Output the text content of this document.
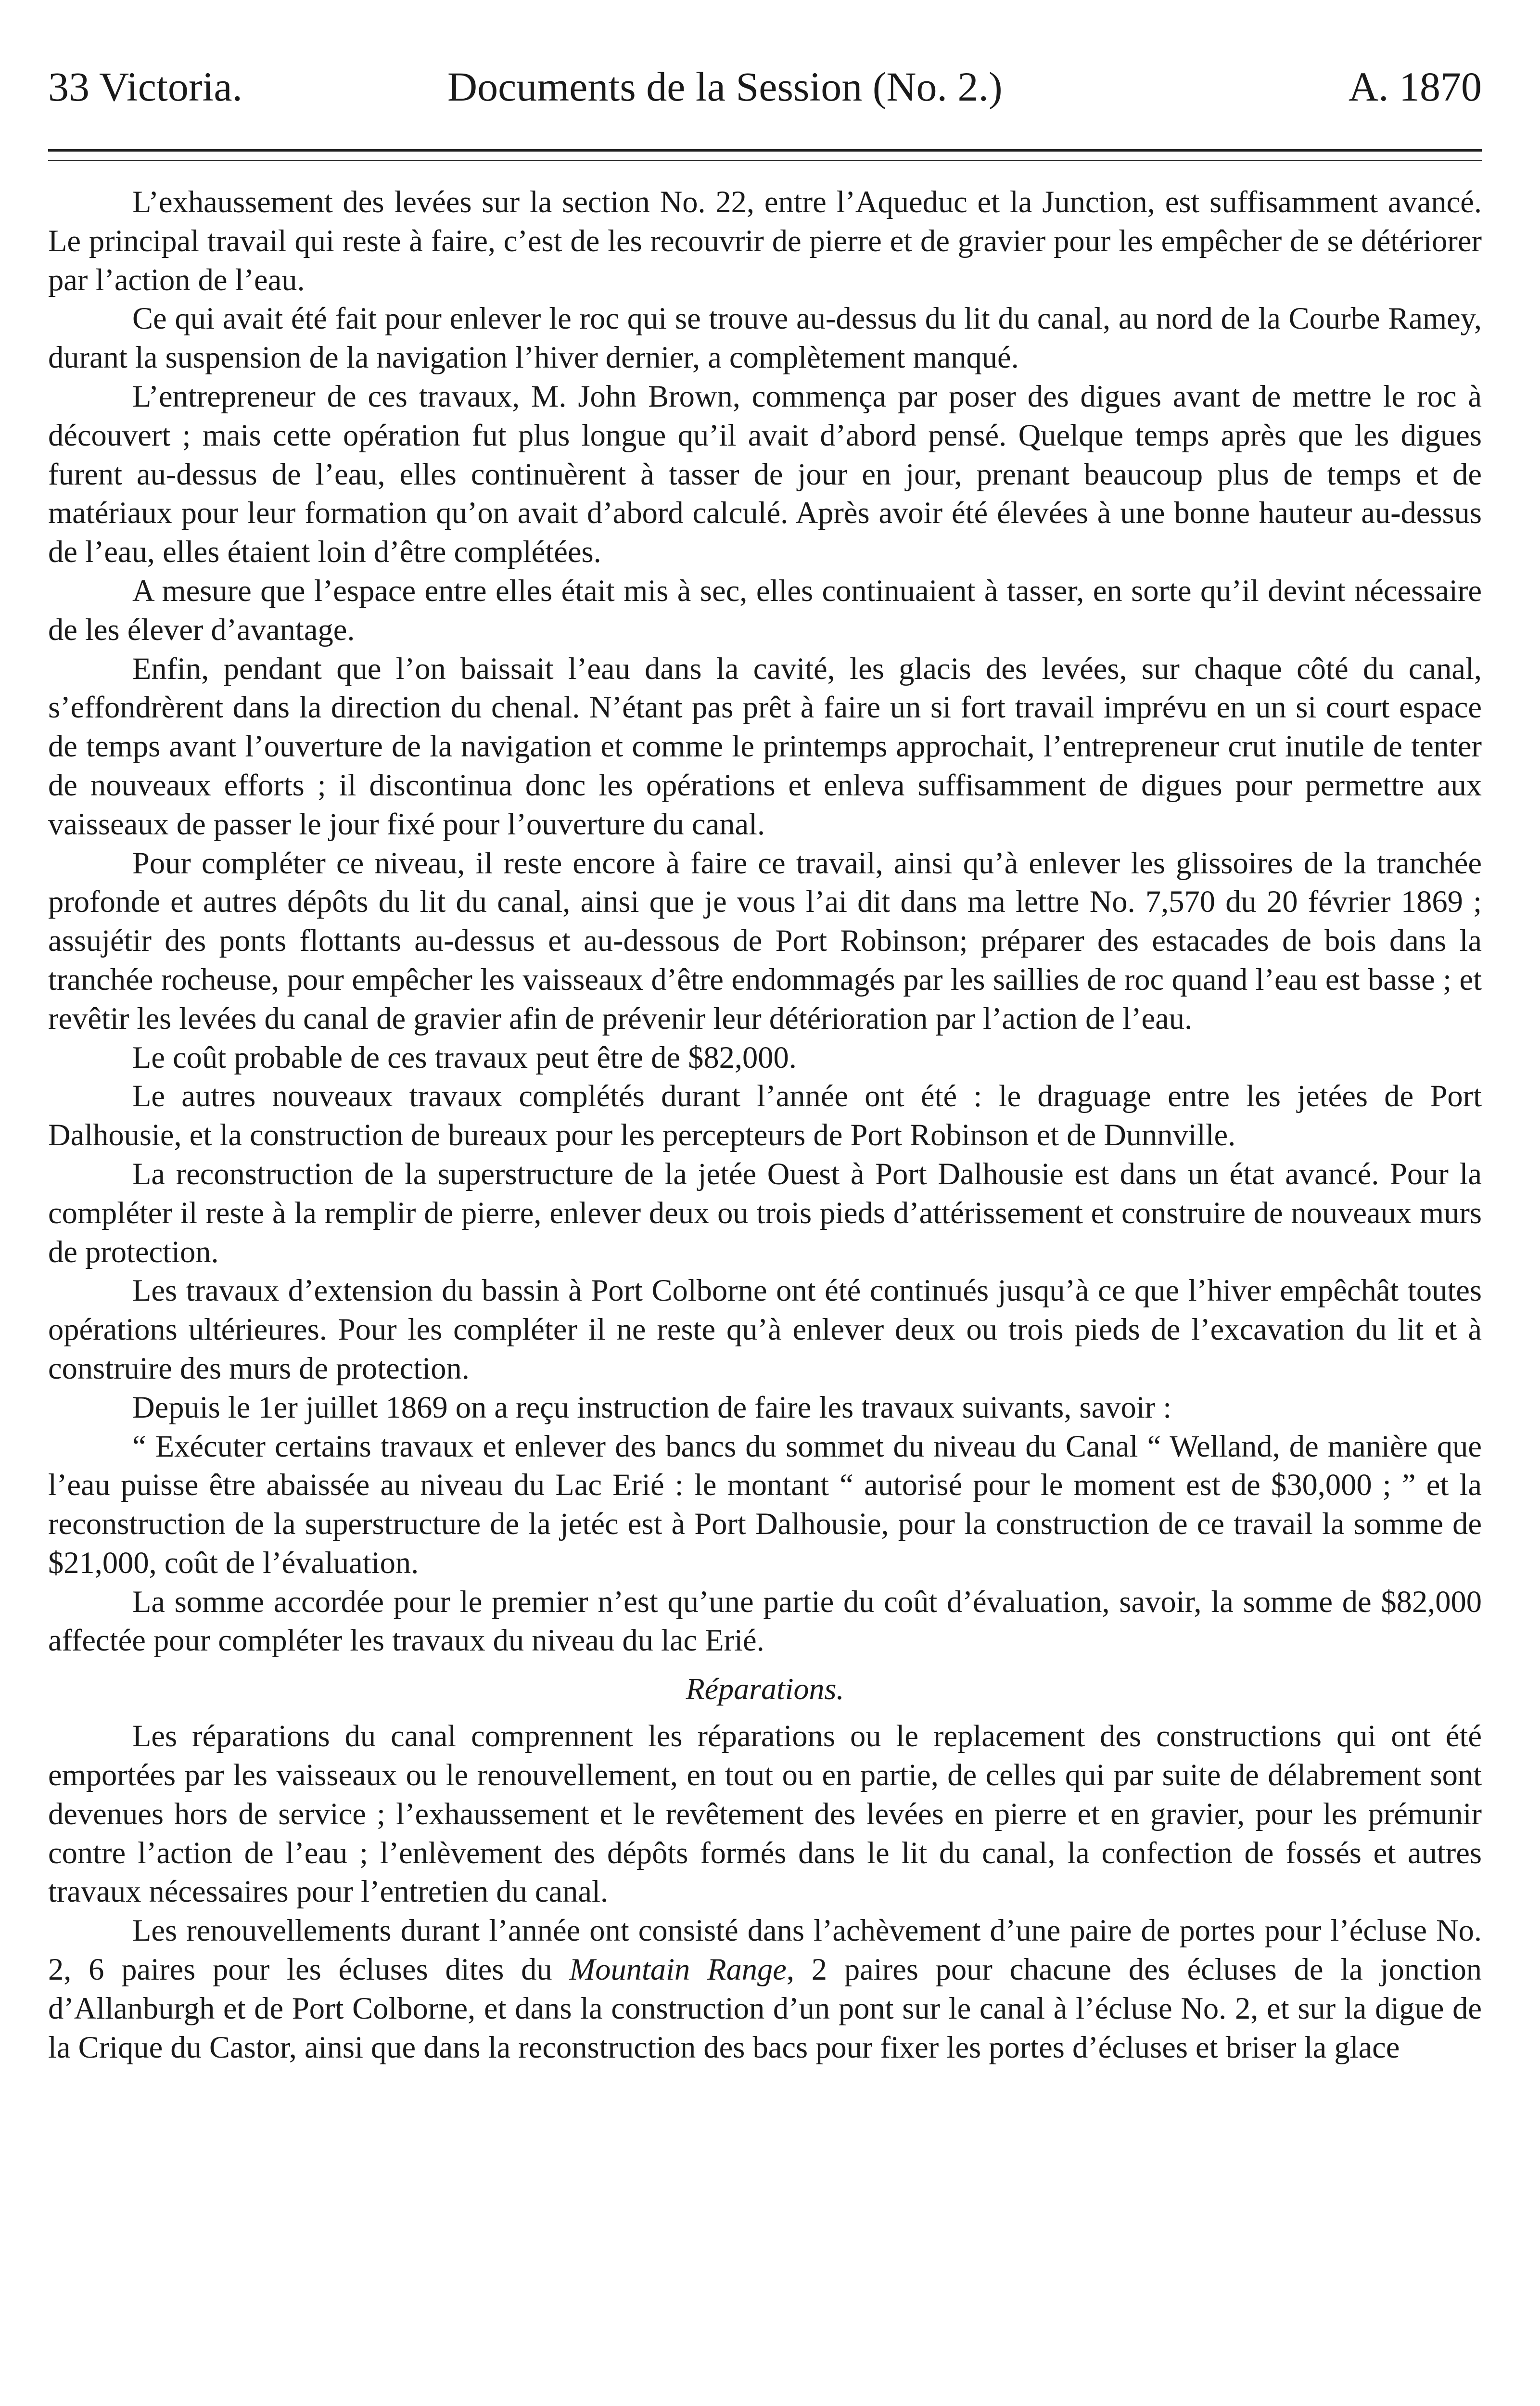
33 Victoria.	Documents de la Session (No. 2.)	A. 1870

L’exhaussement des levées sur la section No. 22, entre l’Aqueduc et la Junction, est suffisamment avancé. Le principal travail qui reste à faire, c’est de les recouvrir de pierre et de gravier pour les empêcher de se détériorer par l’action de l’eau.

Ce qui avait été fait pour enlever le roc qui se trouve au-dessus du lit du canal, au nord de la Courbe Ramey, durant la suspension de la navigation l’hiver dernier, a complètement manqué.

L’entrepreneur de ces travaux, M. John Brown, commença par poser des digues avant de mettre le roc à découvert ; mais cette opération fut plus longue qu’il avait d’abord pensé. Quelque temps après que les digues furent au-dessus de l’eau, elles continuèrent à tasser de jour en jour, prenant beaucoup plus de temps et de matériaux pour leur formation qu’on avait d’abord calculé. Après avoir été élevées à une bonne hauteur au-dessus de l’eau, elles étaient loin d’être complétées.

A mesure que l’espace entre elles était mis à sec, elles continuaient à tasser, en sorte qu’il devint nécessaire de les élever d’avantage.

Enfin, pendant que l’on baissait l’eau dans la cavité, les glacis des levées, sur chaque côté du canal, s’effondrèrent dans la direction du chenal. N’étant pas prêt à faire un si fort travail imprévu en un si court espace de temps avant l’ouverture de la navigation et comme le printemps approchait, l’entrepreneur crut inutile de tenter de nouveaux efforts ; il discontinua donc les opérations et enleva suffisamment de digues pour permettre aux vaisseaux de passer le jour fixé pour l’ouverture du canal.

Pour compléter ce niveau, il reste encore à faire ce travail, ainsi qu’à enlever les glissoires de la tranchée profonde et autres dépôts du lit du canal, ainsi que je vous l’ai dit dans ma lettre No. 7,570 du 20 février 1869 ; assujétir des ponts flottants au-dessus et au-dessous de Port Robinson; préparer des estacades de bois dans la tranchée rocheuse, pour empêcher les vaisseaux d’être endommagés par les saillies de roc quand l’eau est basse ; et revêtir les levées du canal de gravier afin de prévenir leur détérioration par l’action de l’eau.

Le coût probable de ces travaux peut être de $82,000.

Le autres nouveaux travaux complétés durant l’année ont été : le draguage entre les jetées de Port Dalhousie, et la construction de bureaux pour les percepteurs de Port Robinson et de Dunnville.

La reconstruction de la superstructure de la jetée Ouest à Port Dalhousie est dans un état avancé. Pour la compléter il reste à la remplir de pierre, enlever deux ou trois pieds d’attérissement et construire de nouveaux murs de protection.

Les travaux d’extension du bassin à Port Colborne ont été continués jusqu’à ce que l’hiver empêchât toutes opérations ultérieures. Pour les compléter il ne reste qu’à enlever deux ou trois pieds de l’excavation du lit et à construire des murs de protection.

Depuis le 1er juillet 1869 on a reçu instruction de faire les travaux suivants, savoir :

“ Exécuter certains travaux et enlever des bancs du sommet du niveau du Canal “ Welland, de manière que l’eau puisse être abaissée au niveau du Lac Erié : le montant “ autorisé pour le moment est de $30,000 ; ” et la reconstruction de la superstructure de la jetéc est à Port Dalhousie, pour la construction de ce travail la somme de $21,000, coût de l’évaluation.

La somme accordée pour le premier n’est qu’une partie du coût d’évaluation, savoir, la somme de $82,000 affectée pour compléter les travaux du niveau du lac Erié.

Réparations.

Les réparations du canal comprennent les réparations ou le replacement des constructions qui ont été emportées par les vaisseaux ou le renouvellement, en tout ou en partie, de celles qui par suite de délabrement sont devenues hors de service ; l’exhaussement et le revêtement des levées en pierre et en gravier, pour les prémunir contre l’action de l’eau ; l’enlèvement des dépôts formés dans le lit du canal, la confection de fossés et autres travaux nécessaires pour l’entretien du canal.

Les renouvellements durant l’année ont consisté dans l’achèvement d’une paire de portes pour l’écluse No. 2, 6 paires pour les écluses dites du Mountain Range, 2 paires pour chacune des écluses de la jonction d’Allanburgh et de Port Colborne, et dans la construction d’un pont sur le canal à l’écluse No. 2, et sur la digue de la Crique du Castor, ainsi que dans la reconstruction des bacs pour fixer les portes d’écluses et briser la glace
